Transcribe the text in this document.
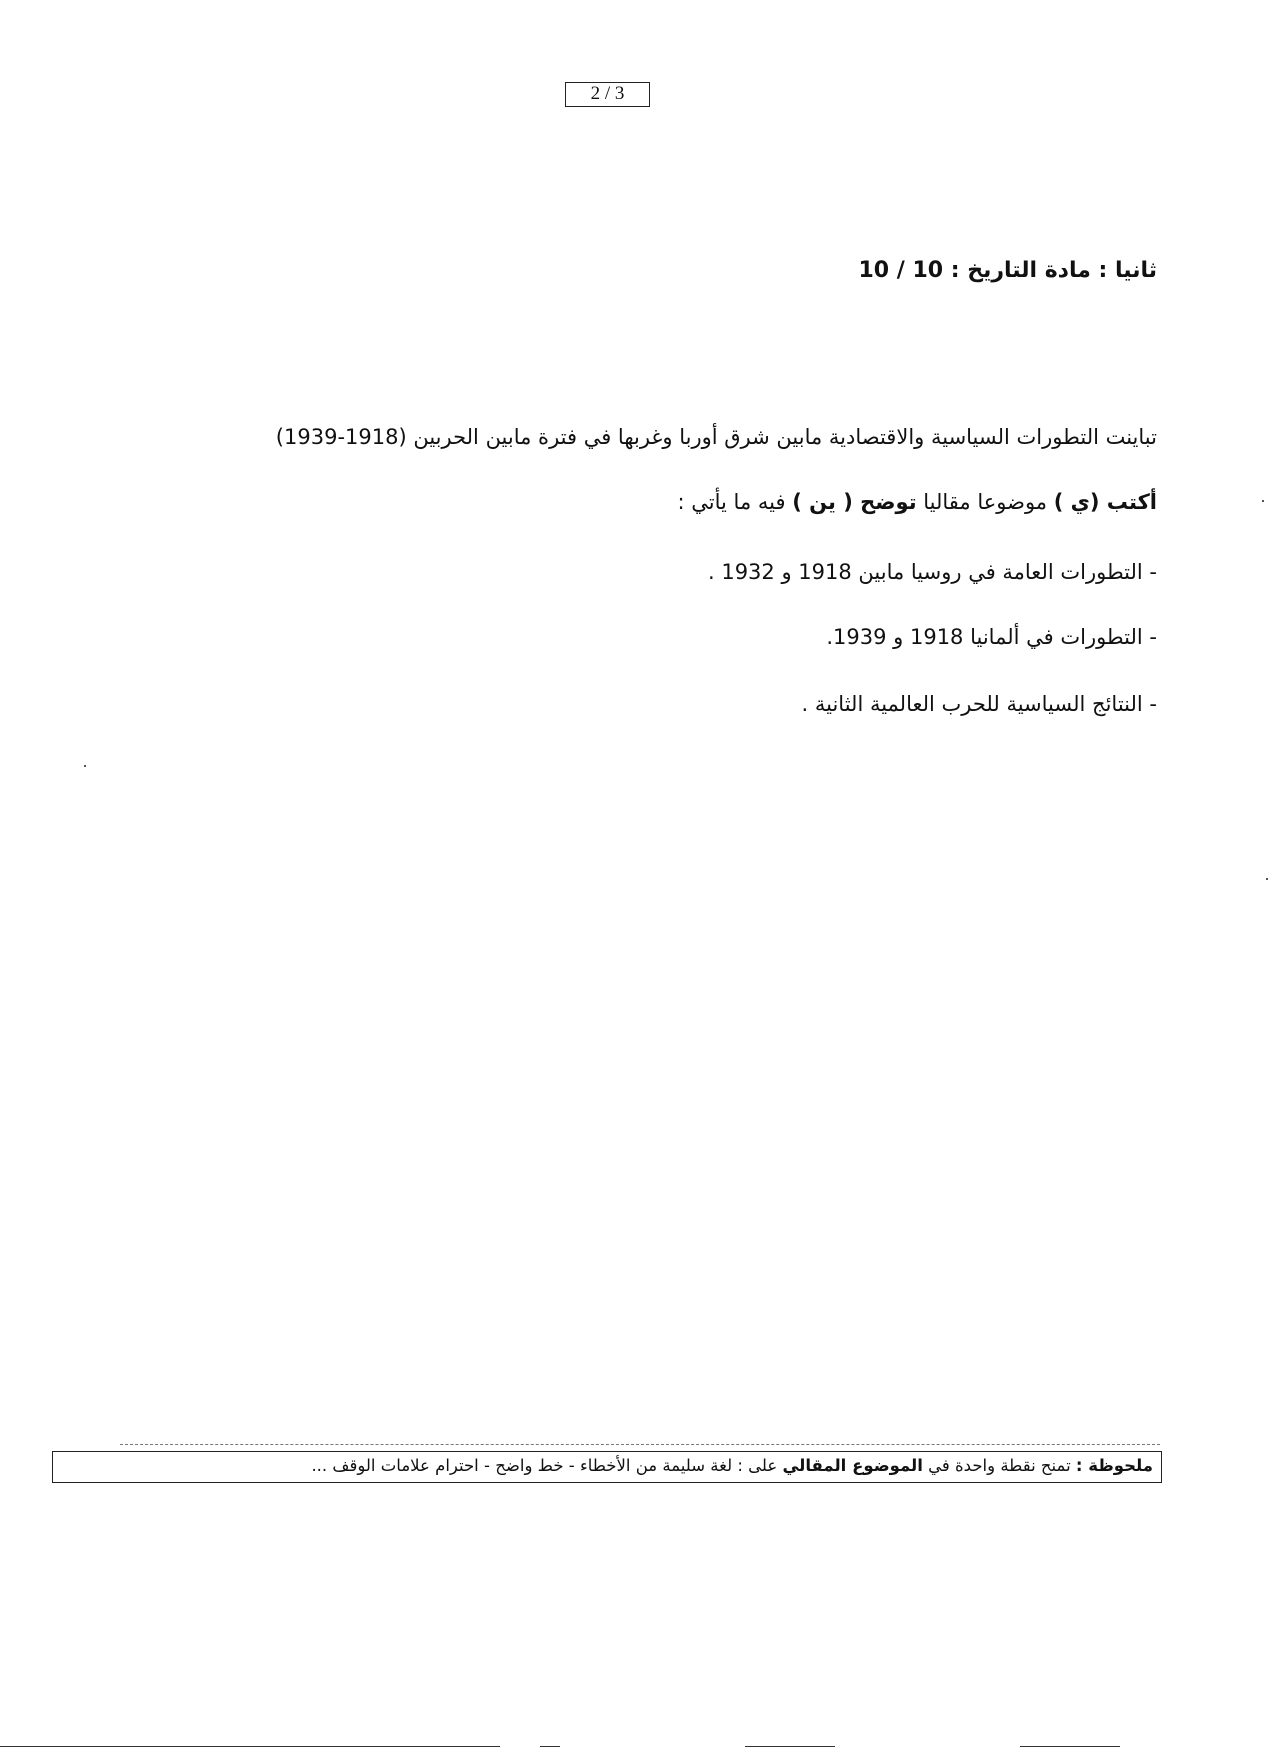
2 / 3
ثانيا : مادة التاريخ : 10 / 10
تباينت التطورات السياسية والاقتصادية مابين شرق أوربا وغربها في فترة مابين الحربين (1918-1939)
أكتب (ي ) موضوعا مقاليا توضح ( ين ) فيه ما يأتي :
- التطورات العامة في روسيا مابين 1918 و 1932 .
- التطورات في ألمانيا 1918 و 1939.
- النتائج السياسية للحرب العالمية الثانية .
ملحوظة : تمنح نقطة واحدة في الموضوع المقالي على : لغة سليمة من الأخطاء - خط واضح - احترام علامات الوقف ...
